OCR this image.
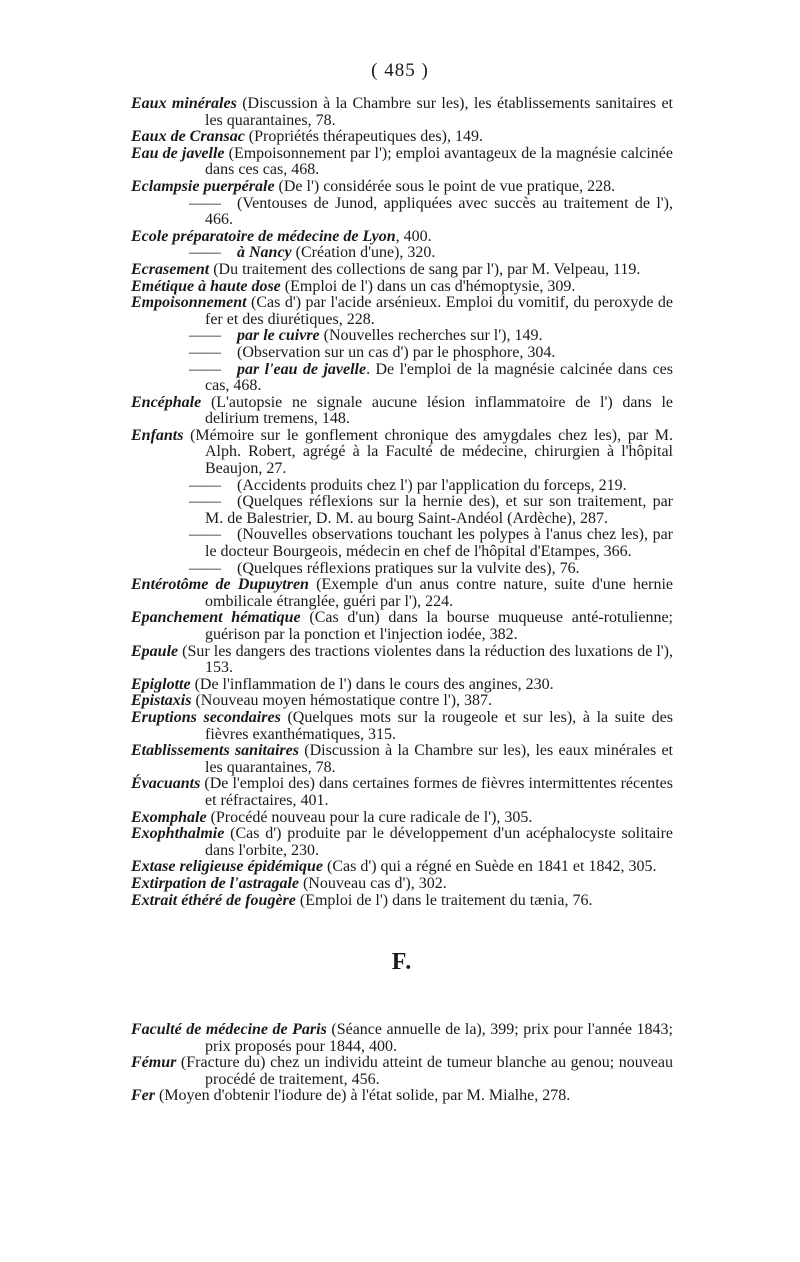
( 485 )

Eaux minérales (Discussion à la Chambre sur les), les établissements sanitaires et les quarantaines, 78.

Eaux de Cransac (Propriétés thérapeutiques des), 149.

Eau de javelle (Empoisonnement par l'); emploi avantageux de la magnésie calcinée dans ces cas, 468.

Eclampsie puerpérale (De l') considérée sous le point de vue pratique, 228.

—— (Ventouses de Junod, appliquées avec succès au traitement de l'), 466.

Ecole préparatoire de médecine de Lyon, 400.

—— à Nancy (Création d'une), 320.

Ecrasement (Du traitement des collections de sang par l'), par M. Velpeau, 119.

Emétique à haute dose (Emploi de l') dans un cas d'hémoptysie, 309.

Empoisonnement (Cas d') par l'acide arsénieux. Emploi du vomitif, du peroxyde de fer et des diurétiques, 228.

—— par le cuivre (Nouvelles recherches sur l'), 149.

—— (Observation sur un cas d') par le phosphore, 304.

—— par l'eau de javelle. De l'emploi de la magnésie calcinée dans ces cas, 468.

Encéphale (L'autopsie ne signale aucune lésion inflammatoire de l') dans le delirium tremens, 148.

Enfants (Mémoire sur le gonflement chronique des amygdales chez les), par M. Alph. Robert, agrégé à la Faculté de médecine, chirurgien à l'hôpital Beaujon, 27.

—— (Accidents produits chez l') par l'application du forceps, 219.

—— (Quelques réflexions sur la hernie des), et sur son traitement, par M. de Balestrier, D. M. au bourg Saint-Andéol (Ardèche), 287.

—— (Nouvelles observations touchant les polypes à l'anus chez les), par le docteur Bourgeois, médecin en chef de l'hôpital d'Etampes, 366.

—— (Quelques réflexions pratiques sur la vulvite des), 76.

Entérotôme de Dupuytren (Exemple d'un anus contre nature, suite d'une hernie ombilicale étranglée, guéri par l'), 224.

Epanchement hématique (Cas d'un) dans la bourse muqueuse anté-rotulienne; guérison par la ponction et l'injection iodée, 382.

Epaule (Sur les dangers des tractions violentes dans la réduction des luxations de l'), 153.

Epiglotte (De l'inflammation de l') dans le cours des angines, 230.

Epistaxis (Nouveau moyen hémostatique contre l'), 387.

Eruptions secondaires (Quelques mots sur la rougeole et sur les), à la suite des fièvres exanthématiques, 315.

Etablissements sanitaires (Discussion à la Chambre sur les), les eaux minérales et les quarantaines, 78.

Évacuants (De l'emploi des) dans certaines formes de fièvres intermittentes récentes et réfractaires, 401.

Exomphale (Procédé nouveau pour la cure radicale de l'), 305.

Exophthalmie (Cas d') produite par le développement d'un acéphalocyste solitaire dans l'orbite, 230.

Extase religieuse épidémique (Cas d') qui a régné en Suède en 1841 et 1842, 305.

Extirpation de l'astragale (Nouveau cas d'), 302.

Extrait éthéré de fougère (Emploi de l') dans le traitement du tænia, 76.

F.

Faculté de médecine de Paris (Séance annuelle de la), 399; prix pour l'année 1843; prix proposés pour 1844, 400.

Fémur (Fracture du) chez un individu atteint de tumeur blanche au genou; nouveau procédé de traitement, 456.

Fer (Moyen d'obtenir l'iodure de) à l'état solide, par M. Mialhe, 278.
